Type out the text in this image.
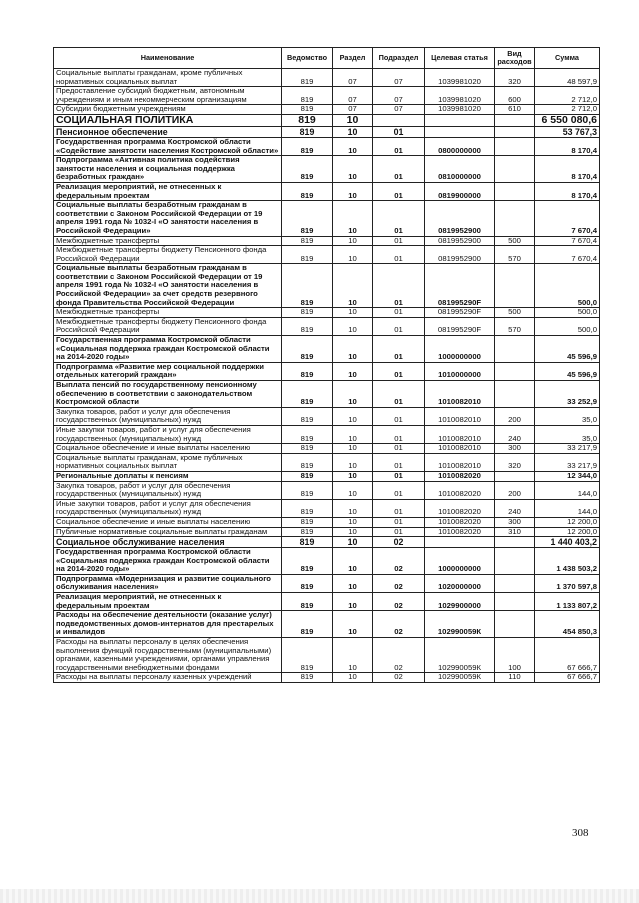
Наименование	Ведомство	Раздел	Подраздел	Целевая статья	Вид расходов	Сумма
Социальные выплаты гражданам, кроме публичных нормативных социальных выплат	819	07	07	1039981020	320	48 597,9
Предоставление субсидий бюджетным, автономным учреждениям и иным некоммерческим организациям	819	07	07	1039981020	600	2 712,0
Субсидии бюджетным учреждениям	819	07	07	1039981020	610	2 712,0
СОЦИАЛЬНАЯ ПОЛИТИКА	819	10				6 550 080,6
Пенсионное обеспечение	819	10	01			53 767,3
Государственная программа Костромской области «Содействие занятости населения Костромской области»	819	10	01	0800000000		8 170,4
Подпрограмма «Активная политика содействия занятости населения и социальная поддержка безработных граждан»	819	10	01	0810000000		8 170,4
Реализация мероприятий, не отнесенных к федеральным проектам	819	10	01	0819900000		8 170,4
Социальные выплаты безработным гражданам в соответствии с Законом Российской Федерации от 19 апреля 1991 года № 1032-I «О занятости населения в Российской Федерации»	819	10	01	0819952900		7 670,4
Межбюджетные трансферты	819	10	01	0819952900	500	7 670,4
Межбюджетные трансферты бюджету Пенсионного фонда Российской Федерации	819	10	01	0819952900	570	7 670,4
Социальные выплаты безработным гражданам в соответствии с Законом Российской Федерации от 19 апреля 1991 года № 1032-I «О занятости населения в Российской Федерации» за счет средств резервного фонда Правительства Российской Федерации	819	10	01	081995290F		500,0
Межбюджетные трансферты	819	10	01	081995290F	500	500,0
Межбюджетные трансферты бюджету Пенсионного фонда Российской Федерации	819	10	01	081995290F	570	500,0
Государственная программа Костромской области «Социальная поддержка граждан Костромской области на 2014-2020 годы»	819	10	01	1000000000		45 596,9
Подпрограмма «Развитие мер социальной поддержки отдельных категорий граждан»	819	10	01	1010000000		45 596,9
Выплата пенсий по государственному пенсионному обеспечению в соответствии с законодательством Костромской области	819	10	01	1010082010		33 252,9
Закупка товаров, работ и услуг для обеспечения государственных (муниципальных) нужд	819	10	01	1010082010	200	35,0
Иные закупки товаров, работ и услуг для обеспечения государственных (муниципальных) нужд	819	10	01	1010082010	240	35,0
Социальное обеспечение и иные выплаты населению	819	10	01	1010082010	300	33 217,9
Социальные выплаты гражданам, кроме публичных нормативных социальных выплат	819	10	01	1010082010	320	33 217,9
Региональные доплаты к пенсиям	819	10	01	1010082020		12 344,0
Закупка товаров, работ и услуг для обеспечения государственных (муниципальных) нужд	819	10	01	1010082020	200	144,0
Иные закупки товаров, работ и услуг для обеспечения государственных (муниципальных) нужд	819	10	01	1010082020	240	144,0
Социальное обеспечение и иные выплаты населению	819	10	01	1010082020	300	12 200,0
Публичные нормативные социальные выплаты гражданам	819	10	01	1010082020	310	12 200,0
Социальное обслуживание населения	819	10	02			1 440 403,2
Государственная программа Костромской области «Социальная поддержка граждан Костромской области на 2014-2020 годы»	819	10	02	1000000000		1 438 503,2
Подпрограмма «Модернизация и развитие социального обслуживания населения»	819	10	02	1020000000		1 370 597,8
Реализация мероприятий, не отнесенных к федеральным проектам	819	10	02	1029900000		1 133 807,2
Расходы на обеспечение деятельности (оказание услуг) подведомственных домов-интернатов для престарелых и инвалидов	819	10	02	102990059К		454 850,3
Расходы на выплаты персоналу в целях обеспечения выполнения функций государственными (муниципальными) органами, казенными учреждениями, органами управления государственными внебюджетными фондами	819	10	02	102990059К	100	67 666,7
Расходы на выплаты персоналу казенных учреждений	819	10	02	102990059К	110	67 666,7
308
